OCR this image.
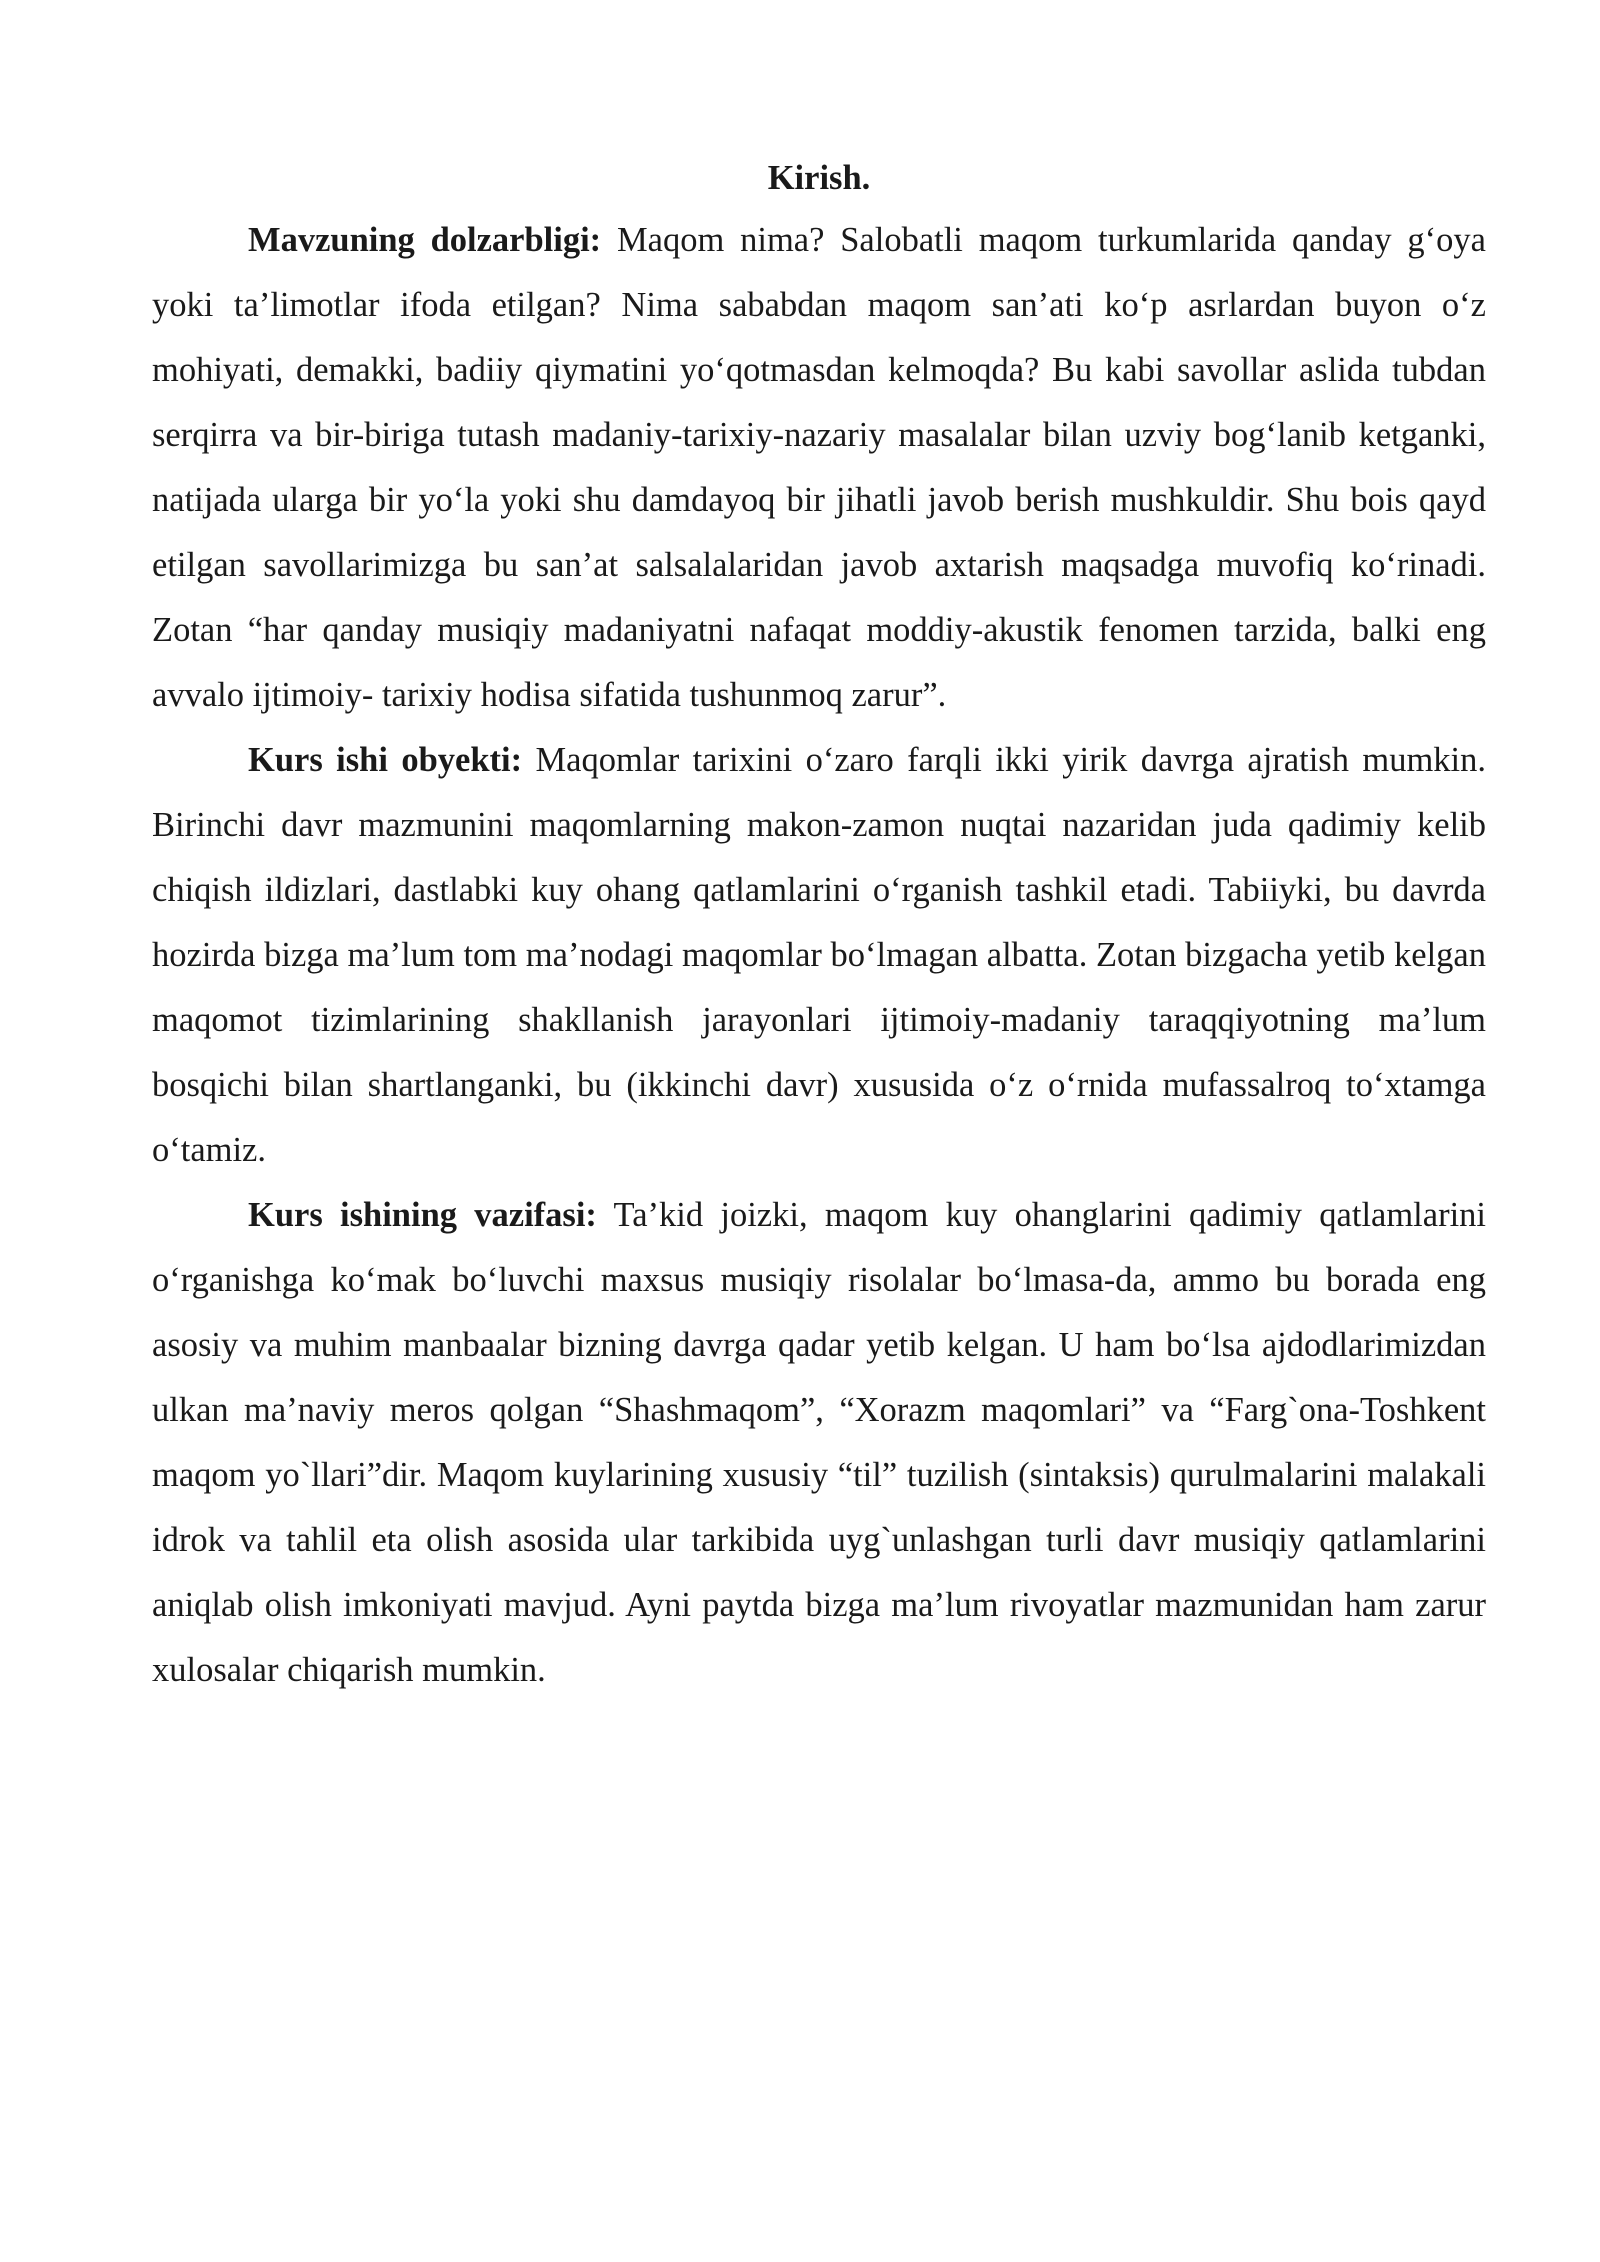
Kirish.

Mavzuning dolzarbligi: Maqom nima? Salobatli maqom turkumlarida qanday g‘oya yoki ta’limotlar ifoda etilgan? Nima sababdan maqom san’ati ko‘p asrlardan buyon o‘z mohiyati, demakki, badiiy qiymatini yo‘qotmasdan kelmoqda? Bu kabi savollar aslida tubdan serqirra va bir-biriga tutash madaniy-tarixiy-nazariy masalalar bilan uzviy bog‘lanib ketganki, natijada ularga bir yo‘la yoki shu damdayoq bir jihatli javob berish mushkuldir. Shu bois qayd etilgan savollarimizga bu san’at salsalalaridan javob axtarish maqsadga muvofiq ko‘rinadi. Zotan “har qanday musiqiy madaniyatni nafaqat moddiy-akustik fenomen tarzida, balki eng avvalo ijtimoiy- tarixiy hodisa sifatida tushunmoq zarur”.

Kurs ishi obyekti: Maqomlar tarixini o‘zaro farqli ikki yirik davrga ajratish mumkin. Birinchi davr mazmunini maqomlarning makon-zamon nuqtai nazaridan juda qadimiy kelib chiqish ildizlari, dastlabki kuy ohang qatlamlarini o‘rganish tashkil etadi. Tabiiyki, bu davrda hozirda bizga ma’lum tom ma’nodagi maqomlar bo‘lmagan albatta. Zotan bizgacha yetib kelgan maqomot tizimlarining shakllanish jarayonlari ijtimoiy-madaniy taraqqiyotning ma’lum bosqichi bilan shartlanganki, bu (ikkinchi davr) xususida o‘z o‘rnida mufassalroq to‘xtamga o‘tamiz.

Kurs ishining vazifasi: Ta’kid joizki, maqom kuy ohanglarini qadimiy qatlamlarini o‘rganishga ko‘mak bo‘luvchi maxsus musiqiy risolalar bo‘lmasa-da, ammo bu borada eng asosiy va muhim manbaalar bizning davrga qadar yetib kelgan. U ham bo‘lsa ajdodlarimizdan ulkan ma’naviy meros qolgan “Shashmaqom”, “Xorazm maqomlari” va “Farg`ona-Toshkent maqom yo`llari”dir. Maqom kuylarining xususiy “til” tuzilish (sintaksis) qurulmalarini malakali idrok va tahlil eta olish asosida ular tarkibida uyg`unlashgan turli davr musiqiy qatlamlarini aniqlab olish imkoniyati mavjud. Ayni paytda bizga ma’lum rivoyatlar mazmunidan ham zarur xulosalar chiqarish mumkin.
